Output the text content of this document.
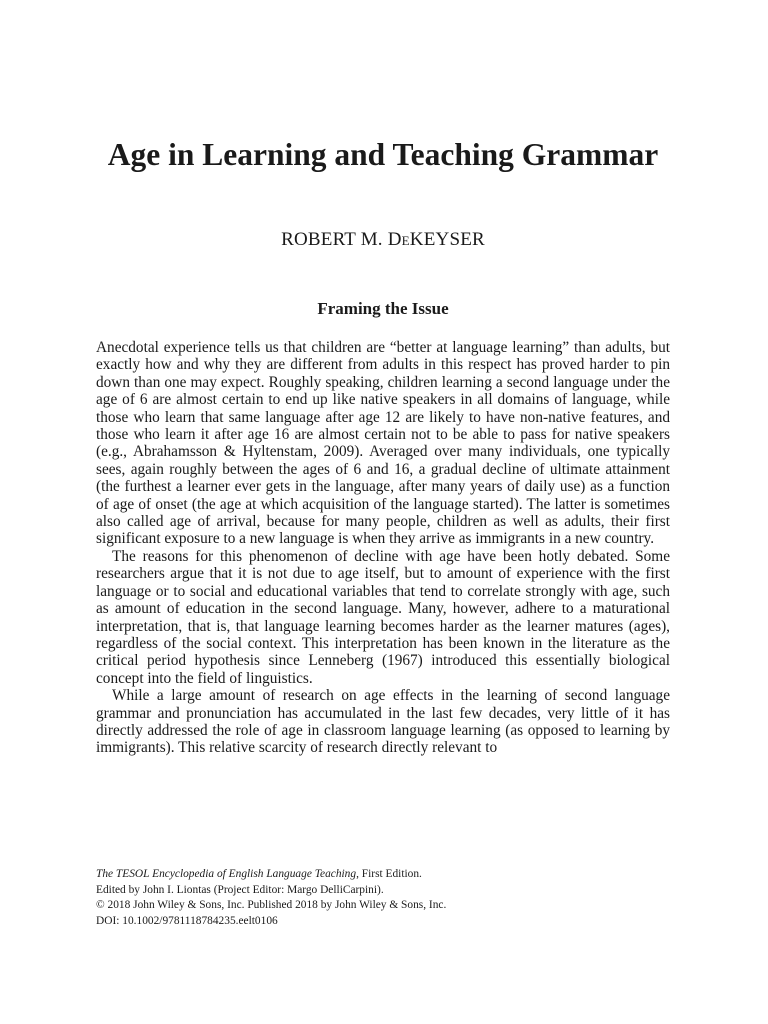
Age in Learning and Teaching Grammar
ROBERT M. DeKEYSER
Framing the Issue

Anecdotal experience tells us that children are “better at language learning” than adults, but exactly how and why they are different from adults in this respect has proved harder to pin down than one may expect. Roughly speaking, children learning a second language under the age of 6 are almost certain to end up like native speakers in all domains of language, while those who learn that same language after age 12 are likely to have non-native features, and those who learn it after age 16 are almost certain not to be able to pass for native speakers (e.g., Abrahamsson & Hyltenstam, 2009). Averaged over many individuals, one typically sees, again roughly between the ages of 6 and 16, a gradual decline of ultimate attainment (the furthest a learner ever gets in the language, after many years of daily use) as a function of age of onset (the age at which acquisition of the language started). The latter is sometimes also called age of arrival, because for many people, children as well as adults, their first significant exposure to a new language is when they arrive as immigrants in a new country.

The reasons for this phenomenon of decline with age have been hotly debated. Some researchers argue that it is not due to age itself, but to amount of experience with the first language or to social and educational variables that tend to correlate strongly with age, such as amount of education in the second language. Many, however, adhere to a maturational interpretation, that is, that language learning becomes harder as the learner matures (ages), regardless of the social context. This interpretation has been known in the literature as the critical period hypothesis since Lenneberg (1967) introduced this essentially biological concept into the field of linguistics.

While a large amount of research on age effects in the learning of second language grammar and pronunciation has accumulated in the last few decades, very little of it has directly addressed the role of age in classroom language learning (as opposed to learning by immigrants). This relative scarcity of research directly relevant to

The TESOL Encyclopedia of English Language Teaching, First Edition.
Edited by John I. Liontas (Project Editor: Margo DelliCarpini).
© 2018 John Wiley & Sons, Inc. Published 2018 by John Wiley & Sons, Inc.
DOI: 10.1002/9781118784235.eelt0106
